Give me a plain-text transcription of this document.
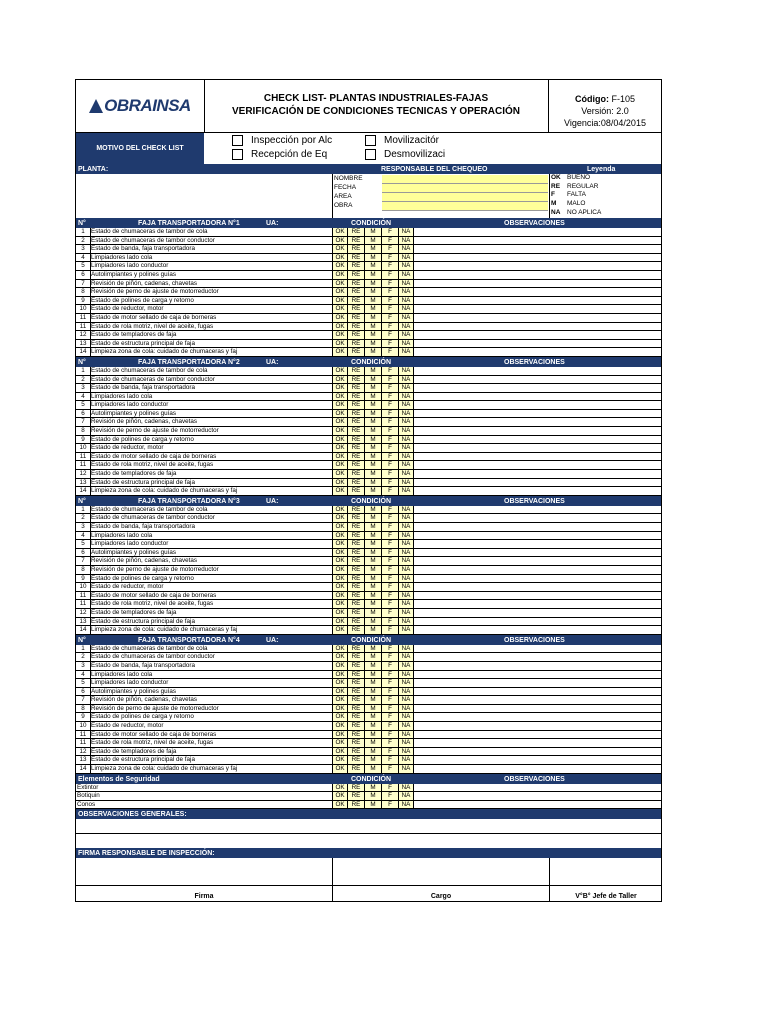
OBRAINSA	CHECK LIST- PLANTAS INDUSTRIALES-FAJAS
VERIFICACIÓN DE CONDICIONES TECNICAS Y OPERACIÓN
Código: F-105
Versión: 2.0
Vigencia:08/04/2015
MOTIVO DEL CHECK LIST
Inspección por Alc
Recepción de Eq
Movilizacitór
Desmovilizaci
PLANTA:	RESPONSABLE DEL CHEQUEO	Leyenda
NOMBRE
FECHA
AREA
OBRA
OK BUENO
RE REGULAR
F FALTA
M MALO
NA NO APLICA
N°	FAJA TRANSPORTADORA N°1	UA:	CONDICIÓN	OBSERVACIONES
1 Estado de chumaceras de tambor de cola	OK	RE	M	F	NA
2 Estado de chumaceras de tambor conductor	OK	RE	M	F	NA
3 Estado de banda, faja transportadora	OK	RE	M	F	NA
4 Limpiadores lado cola	OK	RE	M	F	NA
5 Limpiadores lado conductor	OK	RE	M	F	NA
6 Autolimpiantes y polines guías	OK	RE	M	F	NA
7 Revisión de piñón, cadenas, chavetas	OK	RE	M	F	NA
8 Revisión de perno de ajuste de motorreductor	OK	RE	M	F	NA
9 Estado de polines de carga y retorno	OK	RE	M	F	NA
10 Estado de reductor, motor	OK	RE	M	F	NA
11 Estado de motor sellado de caja de borneras	OK	RE	M	F	NA
11 Estado de rola motriz, nivel de aceite, fugas	OK	RE	M	F	NA
12 Estado de templadores de faja	OK	RE	M	F	NA
13 Estado de estructura principal de faja	OK	RE	M	F	NA
14 Limpieza zona de cola: cuidado de chumaceras y faj	OK	RE	M	F	NA
N°	FAJA TRANSPORTADORA N°2	UA:	CONDICIÓN	OBSERVACIONES
1 Estado de chumaceras de tambor de cola	OK	RE	M	F	NA
2 Estado de chumaceras de tambor conductor	OK	RE	M	F	NA
3 Estado de banda, faja transportadora	OK	RE	M	F	NA
4 Limpiadores lado cola	OK	RE	M	F	NA
5 Limpiadores lado conductor	OK	RE	M	F	NA
6 Autolimpiantes y polines guías	OK	RE	M	F	NA
7 Revisión de piñón, cadenas, chavetas	OK	RE	M	F	NA
8 Revisión de perno de ajuste de motorreductor	OK	RE	M	F	NA
9 Estado de polines de carga y retorno	OK	RE	M	F	NA
10 Estado de reductor, motor	OK	RE	M	F	NA
11 Estado de motor sellado de caja de borneras	OK	RE	M	F	NA
11 Estado de rola motriz, nivel de aceite, fugas	OK	RE	M	F	NA
12 Estado de templadores de faja	OK	RE	M	F	NA
13 Estado de estructura principal de faja	OK	RE	M	F	NA
14 Limpieza zona de cola: cuidado de chumaceras y faj	OK	RE	M	F	NA
N°	FAJA TRANSPORTADORA N°3	UA:	CONDICIÓN	OBSERVACIONES
1 Estado de chumaceras de tambor de cola	OK	RE	M	F	NA
2 Estado de chumaceras de tambor conductor	OK	RE	M	F	NA
3 Estado de banda, faja transportadora	OK	RE	M	F	NA
4 Limpiadores lado cola	OK	RE	M	F	NA
5 Limpiadores lado conductor	OK	RE	M	F	NA
6 Autolimpiantes y polines guías	OK	RE	M	F	NA
7 Revisión de piñón, cadenas, chavetas	OK	RE	M	F	NA
8 Revisión de perno de ajuste de motorreductor	OK	RE	M	F	NA
9 Estado de polines de carga y retorno	OK	RE	M	F	NA
10 Estado de reductor, motor	OK	RE	M	F	NA
11 Estado de motor sellado de caja de borneras	OK	RE	M	F	NA
11 Estado de rola motriz, nivel de aceite, fugas	OK	RE	M	F	NA
12 Estado de templadores de faja	OK	RE	M	F	NA
13 Estado de estructura principal de faja	OK	RE	M	F	NA
14 Limpieza zona de cola: cuidado de chumaceras y faj	OK	RE	M	F	NA
N°	FAJA TRANSPORTADORA N°4	UA:	CONDICIÓN	OBSERVACIONES
1 Estado de chumaceras de tambor de cola	OK	RE	M	F	NA
2 Estado de chumaceras de tambor conductor	OK	RE	M	F	NA
3 Estado de banda, faja transportadora	OK	RE	M	F	NA
4 Limpiadores lado cola	OK	RE	M	F	NA
5 Limpiadores lado conductor	OK	RE	M	F	NA
6 Autolimpiantes y polines guías	OK	RE	M	F	NA
7 Revisión de piñón, cadenas, chavetas	OK	RE	M	F	NA
8 Revisión de perno de ajuste de motorreductor	OK	RE	M	F	NA
9 Estado de polines de carga y retorno	OK	RE	M	F	NA
10 Estado de reductor, motor	OK	RE	M	F	NA
11 Estado de motor sellado de caja de borneras	OK	RE	M	F	NA
11 Estado de rola motriz, nivel de aceite, fugas	OK	RE	M	F	NA
12 Estado de templadores de faja	OK	RE	M	F	NA
13 Estado de estructura principal de faja	OK	RE	M	F	NA
14 Limpieza zona de cola: cuidado de chumaceras y faj	OK	RE	M	F	NA
Elementos de Seguridad	CONDICIÓN	OBSERVACIONES
Extintor	OK	RE	M	F	NA
Botiquin	OK	RE	M	F	NA
Conos	OK	RE	M	F	NA
OBSERVACIONES GENERALES:
FIRMA RESPONSABLE DE INSPECCIÓN:
Firma	Cargo	V°B° Jefe de Taller
